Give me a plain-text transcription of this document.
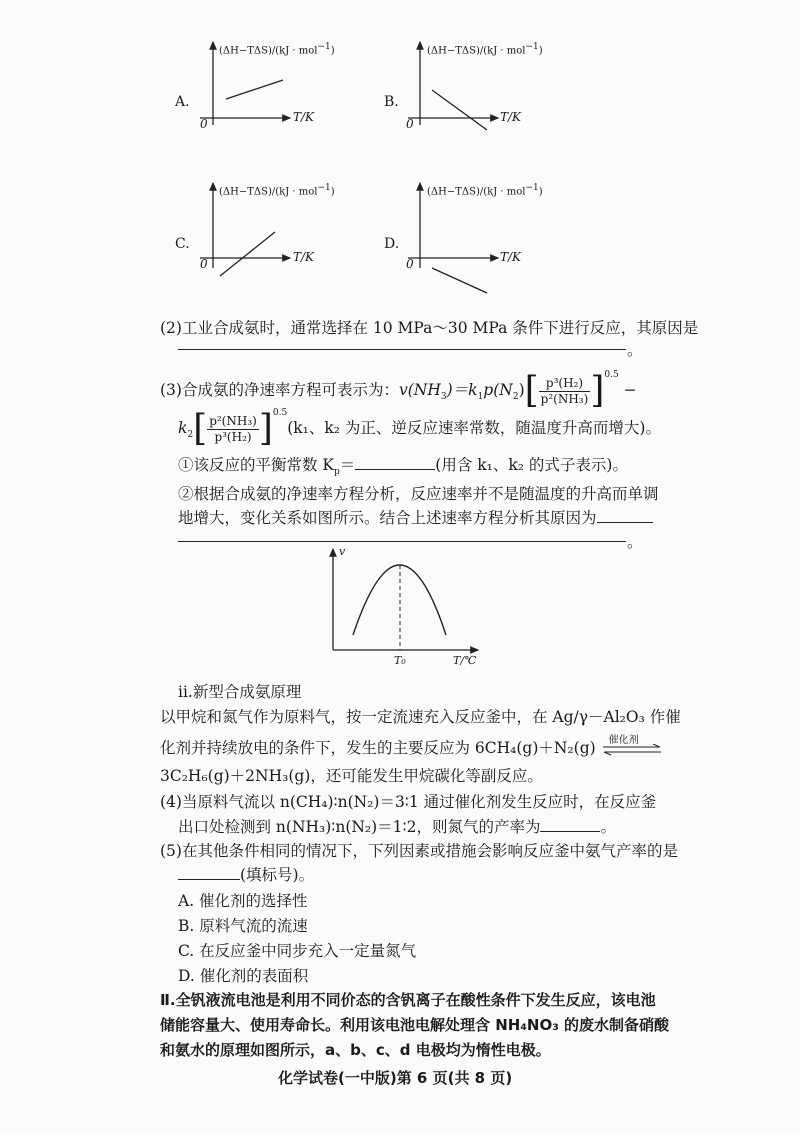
(ΔH−TΔS)/(kJ · mol$^{-1}$)	(ΔH−TΔS)/(kJ · mol$^{-1}$)
(ΔH−TΔS)/(kJ · mol$^{-1}$)	(ΔH−TΔS)/(kJ · mol$^{-1}$)
T/K	T/K
T/K	T/K
0	0
0	0
A.	B.
C.	D.
(2)工业合成氨时，通常选择在 10 MPa～30 MPa 条件下进行反应，其原因是
。
(3)合成氨的净速率方程可表示为：$v(NH_3)=k_1p(N_2)[ \frac{\text{p³(H₂)}}{\text{p²(NH₃)}} ]^{0.5}$ −
$k_2[ \frac{\text{p²(NH₃)}}{\text{p³(H₂)}} ]^{0.5}(k_1$、k₂ 为正、逆反应速率常数，随温度升高而增大)。
①该反应的平衡常数 $K_p=$	(用含 k₁、k₂ 的式子表示)。
②根据合成氨的净速率方程分析，反应速率并不是随温度的升高而单调
地增大，变化关系如图所示。结合上述速率方程分析其原因为
。
v
T/℃
T₀
ⅱ.新型合成氨原理
以甲烷和氮气作为原料气，按一定流速充入反应釜中，在 Ag/γ－Al₂O₃ 作催
化剂并持续放电的条件下，发生的主要反应为 6CH₄(g)＋N₂(g) 催化剂
3C₂H₆(g)＋2NH₃(g)，还可能发生甲烷碳化等副反应。
(4)当原料气流以 n(CH₄)∶n(N₂)＝3∶1 通过催化剂发生反应时，在反应釜
出口处检测到 n(NH₃)∶n(N₂)＝1∶2，则氮气的产率为	。
(5)在其他条件相同的情况下，下列因素或措施会影响反应釜中氨气产率的是
(填标号)。
A. 催化剂的选择性
B. 原料气流的流速
C. 在反应釜中同步充入一定量氮气
D. 催化剂的表面积
Ⅱ.全钒液流电池是利用不同价态的含钒离子在酸性条件下发生反应，该电池
储能容量大、使用寿命长。利用该电池电解处理含 NH₄NO₃ 的废水制备硝酸
和氨水的原理如图所示，a、b、c、d 电极均为惰性电极。
化学试卷(一中版)第 6 页(共 8 页)
